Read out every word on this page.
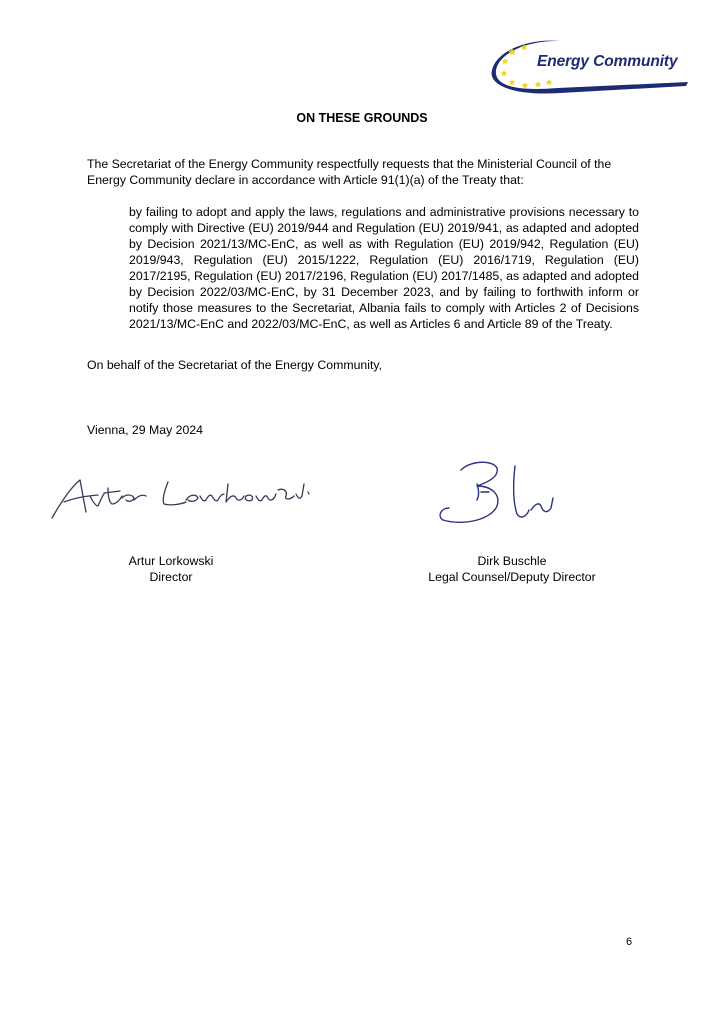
Energy Community
ON THESE GROUNDS
The Secretariat of the Energy Community respectfully requests that the Ministerial Council of the Energy Community declare in accordance with Article 91(1)(a) of the Treaty that:
by failing to adopt and apply the laws, regulations and administrative provisions necessary to comply with Directive (EU) 2019/944 and Regulation (EU) 2019/941, as adapted and adopted by Decision 2021/13/MC-EnC, as well as with Regulation (EU) 2019/942, Regulation (EU) 2019/943, Regulation (EU) 2015/1222, Regulation (EU) 2016/1719, Regulation (EU) 2017/2195, Regulation (EU) 2017/2196, Regulation (EU) 2017/1485, as adapted and adopted by Decision 2022/03/MC-EnC, by 31 December 2023, and by failing to forthwith inform or notify those measures to the Secretariat, Albania fails to comply with Articles 2 of Decisions 2021/13/MC-EnC and 2022/03/MC-EnC, as well as Articles 6 and Article 89 of the Treaty.
On behalf of the Secretariat of the Energy Community,
Vienna, 29 May 2024
Artur Lorkowski
Director
Dirk Buschle
Legal Counsel/Deputy Director
6
